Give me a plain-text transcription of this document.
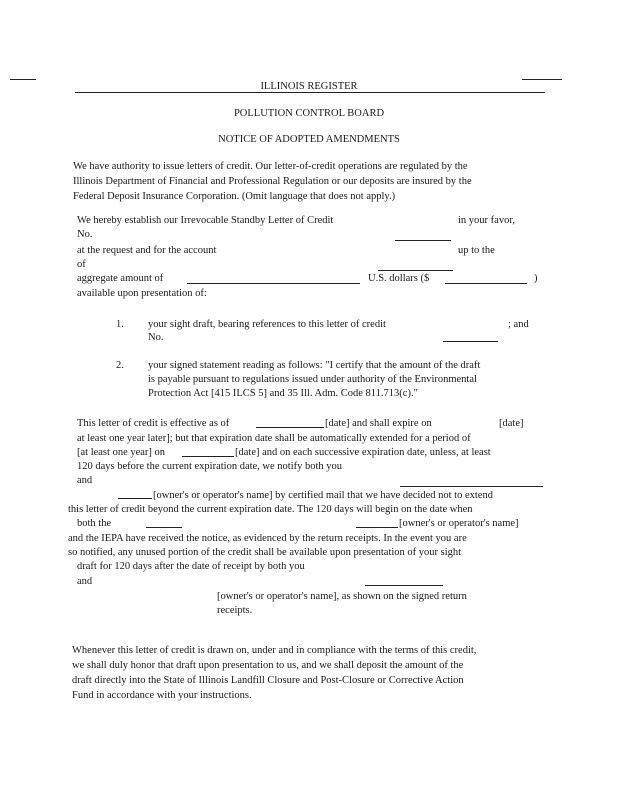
ILLINOIS REGISTER
POLLUTION CONTROL BOARD
NOTICE OF ADOPTED AMENDMENTS
We have authority to issue letters of credit. Our letter-of-credit operations are regulated by the
Illinois Department of Financial and Professional Regulation or our deposits are insured by the
Federal Deposit Insurance Corporation. (Omit language that does not apply.)
We hereby establish our Irrevocable Standby Letter of Credit	in your favor,
No.
at the request and for the account	up to the
of
aggregate amount of	U.S. dollars ($	)
available upon presentation of:
1. your sight draft, bearing references to this letter of credit	; and
No.
2. your signed statement reading as follows: "I certify that the amount of the draft
is payable pursuant to regulations issued under authority of the Environmental
Protection Act [415 ILCS 5] and 35 Ill. Adm. Code 811.713(c)."
This letter of credit is effective as of	[date] and shall expire on	[date]
at least one year later]; but that expiration date shall be automatically extended for a period of
[at least one year] on	[date] and on each successive expiration date, unless, at least
120 days before the current expiration date, we notify both you
and
[owner's or operator's name] by certified mail that we have decided not to extend
this letter of credit beyond the current expiration date. The 120 days will begin on the date when
both the	[owner's or operator's name]
and the IEPA have received the notice, as evidenced by the return receipts. In the event you are
so notified, any unused portion of the credit shall be available upon presentation of your sight
draft for 120 days after the date of receipt by both you
and
[owner's or operator's name], as shown on the signed return
receipts.
Whenever this letter of credit is drawn on, under and in compliance with the terms of this credit,
we shall duly honor that draft upon presentation to us, and we shall deposit the amount of the
draft directly into the State of Illinois Landfill Closure and Post-Closure or Corrective Action
Fund in accordance with your instructions.
